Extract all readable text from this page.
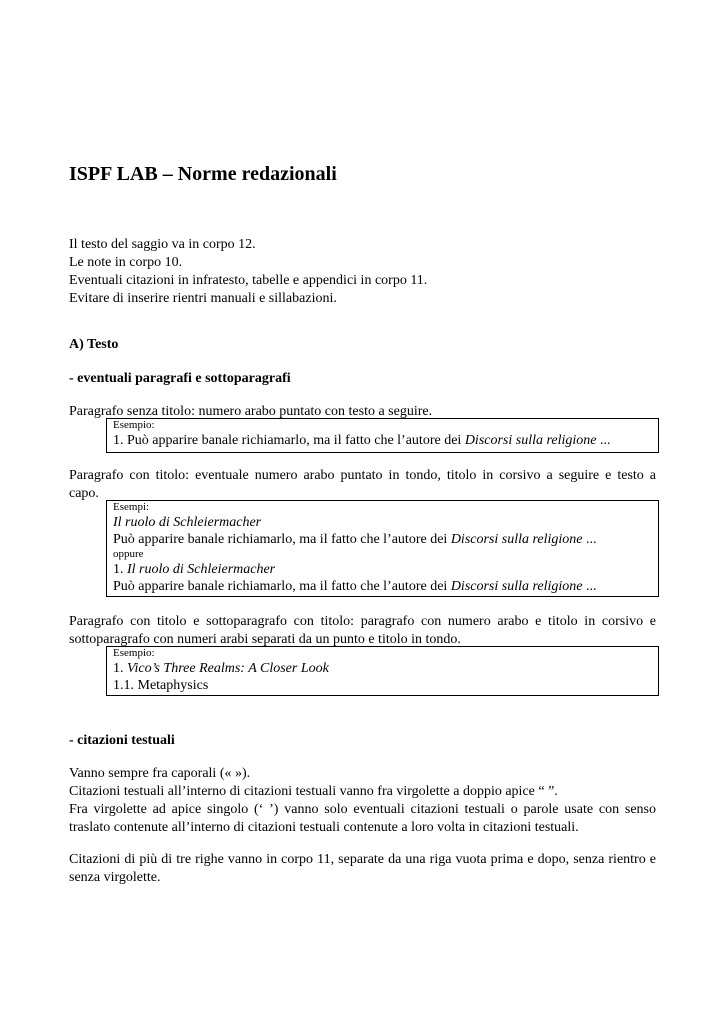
ISPF LAB – Norme redazionali
Il testo del saggio va in corpo 12.
Le note in corpo 10.
Eventuali citazioni in infratesto, tabelle e appendici in corpo 11.
Evitare di inserire rientri manuali e sillabazioni.
A) Testo
- eventuali paragrafi e sottoparagrafi
Paragrafo senza titolo: numero arabo puntato con testo a seguire.
Esempio:
1. Può apparire banale richiamarlo, ma il fatto che l’autore dei Discorsi sulla religione ...
Paragrafo con titolo: eventuale numero arabo puntato in tondo, titolo in corsivo a seguire e testo a
capo.
Esempi:
Il ruolo di Schleiermacher
Può apparire banale richiamarlo, ma il fatto che l’autore dei Discorsi sulla religione ...
oppure
1. Il ruolo di Schleiermacher
Può apparire banale richiamarlo, ma il fatto che l’autore dei Discorsi sulla religione ...
Paragrafo con titolo e sottoparagrafo con titolo: paragrafo con numero arabo e titolo in corsivo e
sottoparagrafo con numeri arabi separati da un punto e titolo in tondo.
Esempio:
1. Vico’s Three Realms: A Closer Look
1.1. Metaphysics
- citazioni testuali
Vanno sempre fra caporali (« »).
Citazioni testuali all’interno di citazioni testuali vanno fra virgolette a doppio apice “ ”.
Fra virgolette ad apice singolo (‘ ’) vanno solo eventuali citazioni testuali o parole usate con senso
traslato contenute all’interno di citazioni testuali contenute a loro volta in citazioni testuali.
Citazioni di più di tre righe vanno in corpo 11, separate da una riga vuota prima e dopo, senza rientro e
senza virgolette.
